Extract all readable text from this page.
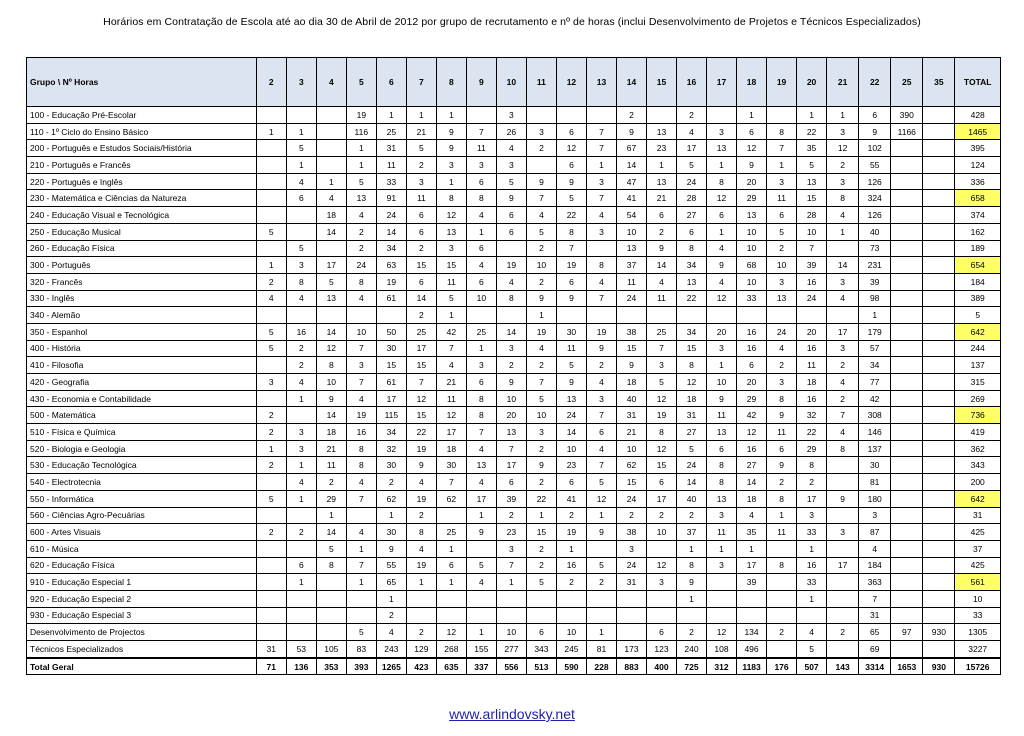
Horários em Contratação de Escola até ao dia 30 de Abril de 2012 por grupo de recrutamento e nº de horas (inclui Desenvolvimento de Projetos e Técnicos Especializados)
Grupo \ Nº Horas	2	3	4	5	6	7	8	9	10	11	12	13	14	15	16	17	18	19	20	21	22	25	35	TOTAL
100 - Educação Pré-Escolar				19	1	1	1		3				2		2		1		1	1	6	390		428
110 - 1º Ciclo do Ensino Básico	1	1		116	25	21	9	7	26	3	6	7	9	13	4	3	6	8	22	3	9	1166		1465
200 - Português e Estudos Sociais/História		5		1	31	5	9	11	4	2	12	7	67	23	17	13	12	7	35	12	102			395
210 - Português e Francês		1		1	11	2	3	3	3		6	1	14	1	5	1	9	1	5	2	55			124
220 - Português e Inglês		4	1	5	33	3	1	6	5	9	9	3	47	13	24	8	20	3	13	3	126			336
230 - Matemática e Ciências da Natureza		6	4	13	91	11	8	8	9	7	5	7	41	21	28	12	29	11	15	8	324			658
240 - Educação Visual e Tecnológica			18	4	24	6	12	4	6	4	22	4	54	6	27	6	13	6	28	4	126			374
250 - Educação Musical	5		14	2	14	6	13	1	6	5	8	3	10	2	6	1	10	5	10	1	40			162
260 - Educação Física		5		2	34	2	3	6		2	7		13	9	8	4	10	2	7		73			189
300 - Português	1	3	17	24	63	15	15	4	19	10	19	8	37	14	34	9	68	10	39	14	231			654
320 - Francês	2	8	5	8	19	6	11	6	4	2	6	4	11	4	13	4	10	3	16	3	39			184
330 - Inglês	4	4	13	4	61	14	5	10	8	9	9	7	24	11	22	12	33	13	24	4	98			389
340 - Alemão						2	1			1											1			5
350 - Espanhol	5	16	14	10	50	25	42	25	14	19	30	19	38	25	34	20	16	24	20	17	179			642
400 - História	5	2	12	7	30	17	7	1	3	4	11	9	15	7	15	3	16	4	16	3	57			244
410 - Filosofia		2	8	3	15	15	4	3	2	2	5	2	9	3	8	1	6	2	11	2	34			137
420 - Geografia	3	4	10	7	61	7	21	6	9	7	9	4	18	5	12	10	20	3	18	4	77			315
430 - Economia e Contabilidade		1	9	4	17	12	11	8	10	5	13	3	40	12	18	9	29	8	16	2	42			269
500 - Matemática	2		14	19	115	15	12	8	20	10	24	7	31	19	31	11	42	9	32	7	308			736
510 - Física e Química	2	3	18	16	34	22	17	7	13	3	14	6	21	8	27	13	12	11	22	4	146			419
520 - Biologia e Geologia	1	3	21	8	32	19	18	4	7	2	10	4	10	12	5	6	16	6	29	8	137			362
530 - Educação Tecnológica	2	1	11	8	30	9	30	13	17	9	23	7	62	15	24	8	27	9	8		30			343
540 - Electrotecnia		4	2	4	2	4	7	4	6	2	6	5	15	6	14	8	14	2	2		81			200
550 - Informática	5	1	29	7	62	19	62	17	39	22	41	12	24	17	40	13	18	8	17	9	180			642
560 - Ciências Agro-Pecuárias			1		1	2		1	2	1	2	1	2	2	2	3	4	1	3		3			31
600 - Artes Visuais	2	2	14	4	30	8	25	9	23	15	19	9	38	10	37	11	35	11	33	3	87			425
610 - Música			5	1	9	4	1		3	2	1		3		1	1	1		1		4			37
620 - Educação Física		6	8	7	55	19	6	5	7	2	16	5	24	12	8	3	17	8	16	17	184			425
910 - Educação Especial 1		1		1	65	1	1	4	1	5	2	2	31	3	9		39		33		363			561
920 - Educação Especial 2					1										1				1		7			10
930 - Educação Especial 3					2																31			33
Desenvolvimento de Projectos				5	4	2	12	1	10	6	10	1		6	2	12	134	2	4	2	65	97	930	1305
Técnicos Especializados	31	53	105	83	243	129	268	155	277	343	245	81	173	123	240	108	496		5		69			3227
Total Geral	71	136	353	393	1265	423	635	337	556	513	590	228	883	400	725	312	1183	176	507	143	3314	1653	930	15726
www.arlindovsky.net
